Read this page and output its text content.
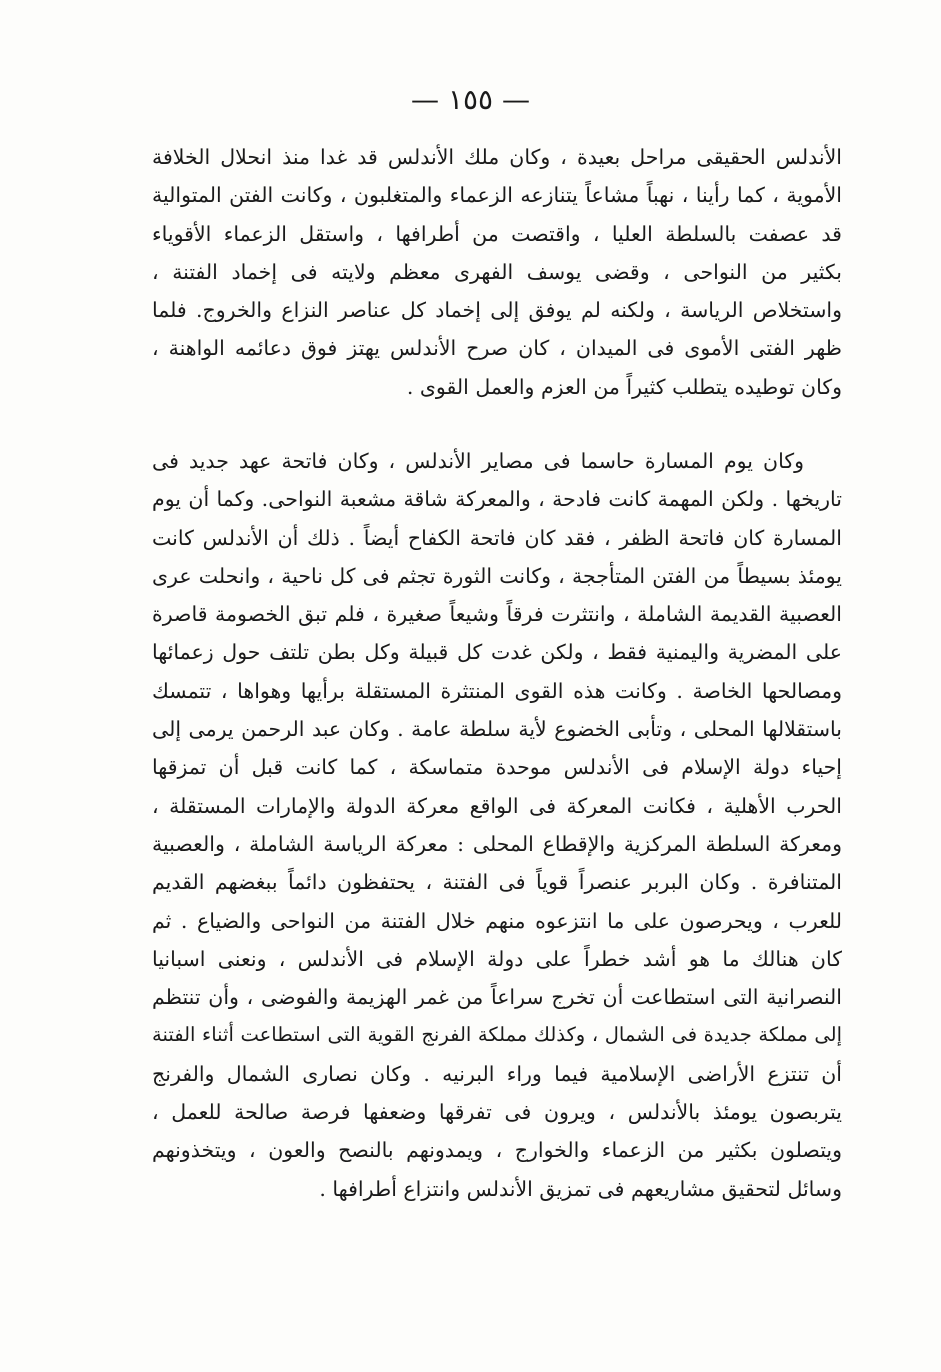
— ١٥٥ —
الأندلس الحقيقى مراحل بعيدة ، وكان ملك الأندلس قد غدا منذ انحلال الخلافة
الأموية ، كما رأينا ، نهباً مشاعاً يتنازعه الزعماء والمتغلبون ، وكانت الفتن المتوالية
قد عصفت بالسلطة العليا ، واقتصت من أطرافها ، واستقل الزعماء الأقوياء
بكثير من النواحى ، وقضى يوسف الفهرى معظم ولايته فى إخماد الفتنة ،
واستخلاص الرياسة ، ولكنه لم يوفق إلى إخماد كل عناصر النزاع والخروج. فلما
ظهر الفتى الأموى فى الميدان ، كان صرح الأندلس يهتز فوق دعائمه الواهنة ،
وكان توطيده يتطلب كثيراً من العزم والعمل القوى .
وكان يوم المسارة حاسما فى مصاير الأندلس ، وكان فاتحة عهد جديد فى
تاريخها . ولكن المهمة كانت فادحة ، والمعركة شاقة مشعبة النواحى. وكما أن يوم
المسارة كان فاتحة الظفر ، فقد كان فاتحة الكفاح أيضاً . ذلك أن الأندلس كانت
يومئذ بسيطاً من الفتن المتأججة ، وكانت الثورة تجثم فى كل ناحية ، وانحلت عرى
العصبية القديمة الشاملة ، وانتثرت فرقاً وشيعاً صغيرة ، فلم تبق الخصومة قاصرة
على المضرية واليمنية فقط ، ولكن غدت كل قبيلة وكل بطن تلتف حول زعمائها
ومصالحها الخاصة . وكانت هذه القوى المنتثرة المستقلة برأيها وهواها ، تتمسك
باستقلالها المحلى ، وتأبى الخضوع لأية سلطة عامة . وكان عبد الرحمن يرمى إلى
إحياء دولة الإسلام فى الأندلس موحدة متماسكة ، كما كانت قبل أن تمزقها
الحرب الأهلية ، فكانت المعركة فى الواقع معركة الدولة والإمارات المستقلة ،
ومعركة السلطة المركزية والإقطاع المحلى : معركة الرياسة الشاملة ، والعصبية
المتنافرة . وكان البربر عنصراً قوياً فى الفتنة ، يحتفظون دائماً ببغضهم القديم
للعرب ، ويحرصون على ما انتزعوه منهم خلال الفتنة من النواحى والضياع . ثم
كان هنالك ما هو أشد خطراً على دولة الإسلام فى الأندلس ، ونعنى اسبانيا
النصرانية التى استطاعت أن تخرج سراعاً من غمر الهزيمة والفوضى ، وأن تنتظم
إلى مملكة جديدة فى الشمال ، وكذلك مملكة الفرنج القوية التى استطاعت أثناء الفتنة
أن تنتزع الأراضى الإسلامية فيما وراء البرنيه . وكان نصارى الشمال والفرنج
يتربصون يومئذ بالأندلس ، ويرون فى تفرقها وضعفها فرصة صالحة للعمل ،
ويتصلون بكثير من الزعماء والخوارج ، ويمدونهم بالنصح والعون ، ويتخذونهم
وسائل لتحقيق مشاريعهم فى تمزيق الأندلس وانتزاع أطرافها .
